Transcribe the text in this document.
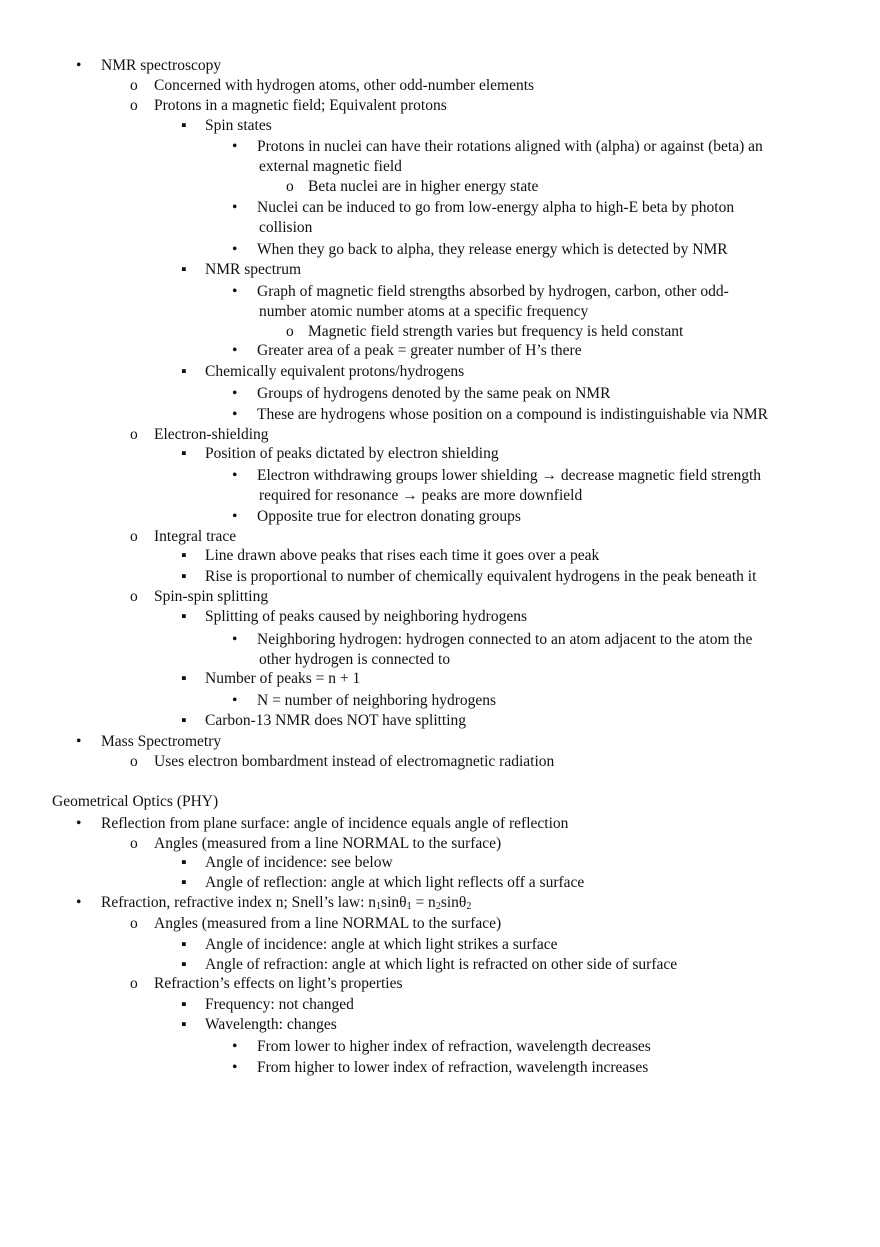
• NMR spectroscopy
o Concerned with hydrogen atoms, other odd-number elements
o Protons in a magnetic field; Equivalent protons
▪ Spin states
• Protons in nuclei can have their rotations aligned with (alpha) or against (beta) an
external magnetic field
o Beta nuclei are in higher energy state
• Nuclei can be induced to go from low-energy alpha to high-E beta by photon
collision
• When they go back to alpha, they release energy which is detected by NMR
▪ NMR spectrum
• Graph of magnetic field strengths absorbed by hydrogen, carbon, other odd-
number atomic number atoms at a specific frequency
o Magnetic field strength varies but frequency is held constant
• Greater area of a peak = greater number of H’s there
▪ Chemically equivalent protons/hydrogens
• Groups of hydrogens denoted by the same peak on NMR
• These are hydrogens whose position on a compound is indistinguishable via NMR
o Electron-shielding
▪ Position of peaks dictated by electron shielding
• Electron withdrawing groups lower shielding → decrease magnetic field strength
required for resonance → peaks are more downfield
• Opposite true for electron donating groups
o Integral trace
▪ Line drawn above peaks that rises each time it goes over a peak
▪ Rise is proportional to number of chemically equivalent hydrogens in the peak beneath it
o Spin-spin splitting
▪ Splitting of peaks caused by neighboring hydrogens
• Neighboring hydrogen: hydrogen connected to an atom adjacent to the atom the
other hydrogen is connected to
▪ Number of peaks = n + 1
• N = number of neighboring hydrogens
▪ Carbon-13 NMR does NOT have splitting
• Mass Spectrometry
o Uses electron bombardment instead of electromagnetic radiation
Geometrical Optics (PHY)
• Reflection from plane surface: angle of incidence equals angle of reflection
o Angles (measured from a line NORMAL to the surface)
▪ Angle of incidence: see below
▪ Angle of reflection: angle at which light reflects off a surface
• Refraction, refractive index n; Snell’s law: $n_1\sin\theta_1 = n_2\sin\theta_2$
o Angles (measured from a line NORMAL to the surface)
▪ Angle of incidence: angle at which light strikes a surface
▪ Angle of refraction: angle at which light is refracted on other side of surface
o Refraction’s effects on light’s properties
▪ Frequency: not changed
▪ Wavelength: changes
• From lower to higher index of refraction, wavelength decreases
• From higher to lower index of refraction, wavelength increases
